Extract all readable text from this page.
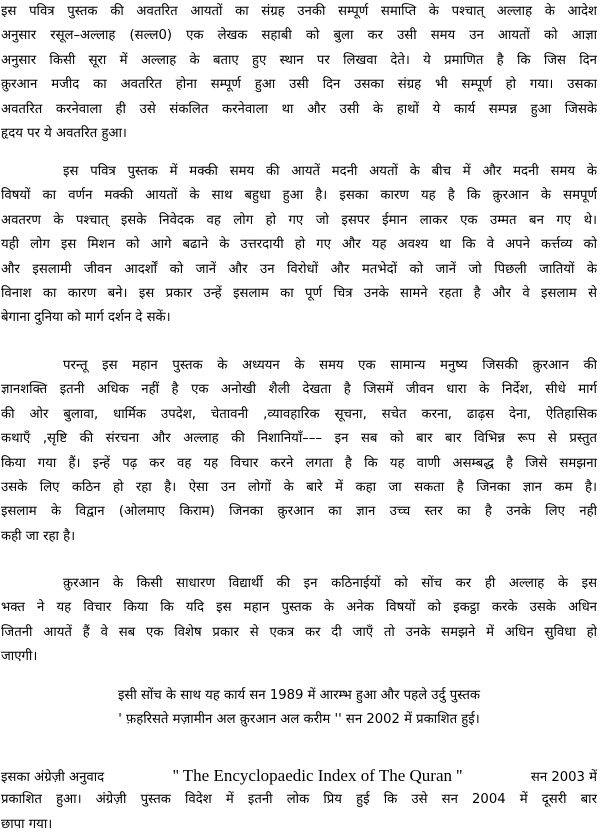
इस पवित्र पुस्तक की अवतरित आयतों का संग्रह उनकी सम्पूर्ण समाप्ति के पश्चात् अल्लाह के आदेश
अनुसार रसूल–अल्लाह (सल्ल0) एक लेखक सहाबी को बुला कर उसी समय उन आयतों को आज्ञा
अनुसार किसी सूरा में अल्लाह के बताए हुए स्थान पर लिखवा देते। ये प्रमाणित है कि जिस दिन
क़ुरआन मजीद का अवतरित होना सम्पूर्ण हुआ उसी दिन उसका संग्रह भी सम्पूर्ण हो गया। उसका
अवतरित करनेवाला ही उसे संकलित करनेवाला था और उसी के हाथों ये कार्य सम्पन्न हुआ जिसके
हृदय पर ये अवतरित हुआ।
इस पवित्र पुस्तक में मक्की समय की आयतें मदनी अयतों के बीच में और मदनी समय के
विषयों का वर्णन मक्की आयतों के साथ बहुधा हुआ है। इसका कारण यह है कि क़ुरआन के समपूर्ण
अवतरण के पश्चात् इसके निवेदक वह लोग हो गए जो इसपर ईमान लाकर एक उम्मत बन गए थे।
यही लोग इस मिशन को आगे बढाने के उत्तरदायी हो गए और यह अवश्य था कि वे अपने कर्त्तव्य को
और इसलामी जीवन आदर्शों को जानें और उन विरोधों और मतभेदों को जानें जो पिछली जातियों के
विनाश का कारण बने। इस प्रकार उन्हें इसलाम का पूर्ण चित्र उनके सामने रहता है और वे इसलाम से
बेगाना दुनिया को मार्ग दर्शन दे सकें।
परन्तू इस महान पुस्तक के अध्ययन के समय एक सामान्य मनुष्य जिसकी क़ुरआन की
ज्ञानशक्ति इतनी अधिक नहीं है एक अनोखी शैली देखता है जिसमें जीवन धारा के निर्देश, सीधे मार्ग
की ओर बुलावा, धार्मिक उपदेश, चेतावनी ,व्यावहारिक सूचना, सचेत करना, ढाढ़स देना, ऐतिहासिक
कथाएँ ,सृष्टि की संरचना और अल्लाह की निशानियाँ––– इन सब को बार बार विभिन्न रूप से प्रस्तुत
किया गया हैं। इन्हें पढ़ कर वह यह विचार करने लगता है कि यह वाणी असम्बद्ध है जिसे समझना
उसके लिए कठिन हो रहा है। ऐसा उन लोगों के बारे में कहा जा सकता है जिनका ज्ञान कम है।
इसलाम के विद्वान (ओलमाए किराम) जिनका क़ुरआन का ज्ञान उच्च स्तर का है उनके लिए नही
कही जा रहा है।
क़ुरआन के किसी साधारण विद्यार्थी की इन कठिनाईयों को सोंच कर ही अल्लाह के इस
भक्त ने यह विचार किया कि यदि इस महान पुस्तक के अनेक विषयों को इकट्ठा करके उसके अधिन
जितनी आयतें हैं वे सब एक विशेष प्रकार से एकत्र कर दी जाएँ तो उनके समझने में अधिन सुविधा हो
जाएगी।
इसी सोंच के साथ यह कार्य सन 1989 में आरम्भ हुआ और पहले उर्दु पुस्तक
' फ़हरिसते मज़ामीन अल क़ुरआन अल करीम '' सन 2002 में प्रकाशित हुई।
इसका अंग्रेज़ी अनुवाद	'' The Encyclopaedic Index of The Quran ''	सन 2003 में
प्रकाशित हुआ। अंग्रेज़ी पुस्तक विदेश में इतनी लोक प्रिय हुई कि उसे सन 2004 में दूसरी बार
छापा गया।
